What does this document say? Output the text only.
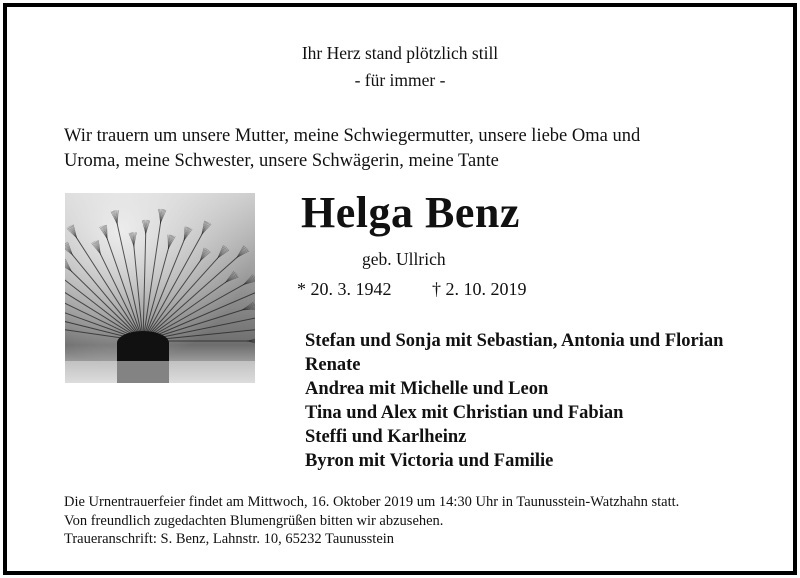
Ihr Herz stand plötzlich still
- für immer -
Wir trauern um unsere Mutter, meine Schwiegermutter, unsere liebe Oma und
Uroma, meine Schwester, unsere Schwägerin, meine Tante
Helga Benz
geb. Ullrich
* 20. 3. 1942 † 2. 10. 2019
Stefan und Sonja mit Sebastian, Antonia und Florian
Renate
Andrea mit Michelle und Leon
Tina und Alex mit Christian und Fabian
Steffi und Karlheinz
Byron mit Victoria und Familie
Die Urnentrauerfeier findet am Mittwoch, 16. Oktober 2019 um 14:30 Uhr in Taunusstein-Watzhahn statt.
Von freundlich zugedachten Blumengrüßen bitten wir abzusehen.
Traueranschrift: S. Benz, Lahnstr. 10, 65232 Taunusstein
